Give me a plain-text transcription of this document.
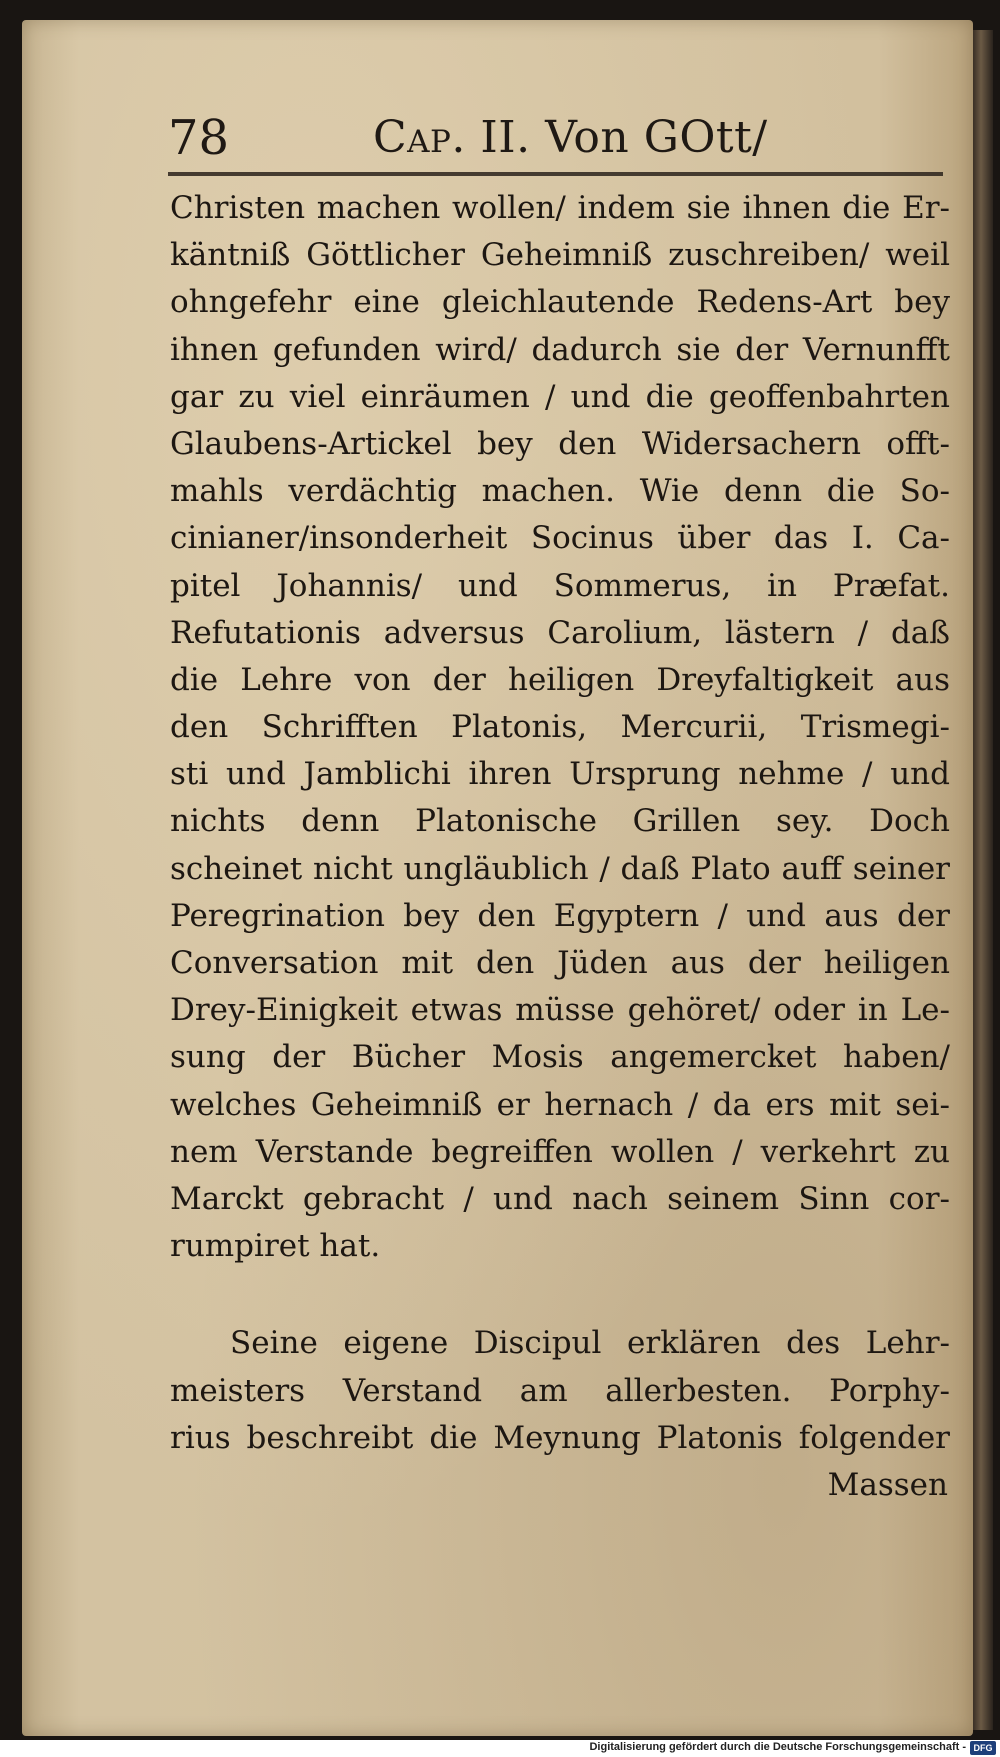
78	Cap. II. Von GOtt/
Christen machen wollen/ indem sie ihnen die Er-
käntniß Göttlicher Geheimniß zuschreiben/ weil
ohngefehr eine gleichlautende Redens-Art bey
ihnen gefunden wird/ dadurch sie der Vernunfft
gar zu viel einräumen / und die geoffenbahrten
Glaubens-Artickel bey den Widersachern offt-
mahls verdächtig machen. Wie denn die So-
cinianer/insonderheit Socinus über das I. Ca-
pitel Johannis/ und Sommerus, in Præfat.
Refutationis adversus Carolium, lästern / daß
die Lehre von der heiligen Dreyfaltigkeit aus
den Schrifften Platonis, Mercurii, Trismegi-
sti und Jamblichi ihren Ursprung nehme / und
nichts denn Platonische Grillen sey. Doch
scheinet nicht ungläublich / daß Plato auff seiner
Peregrination bey den Egyptern / und aus der
Conversation mit den Jüden aus der heiligen
Drey-Einigkeit etwas müsse gehöret/ oder in Le-
sung der Bücher Mosis angemercket haben/
welches Geheimniß er hernach / da ers mit sei-
nem Verstande begreiffen wollen / verkehrt zu
Marckt gebracht / und nach seinem Sinn cor-
rumpiret hat.
Seine eigene Discipul erklären des Lehr-
meisters Verstand am allerbesten. Porphy-
rius beschreibt die Meynung Platonis folgender
Massen
Digitalisierung gefördert durch die Deutsche Forschungsgemeinschaft - DFG
